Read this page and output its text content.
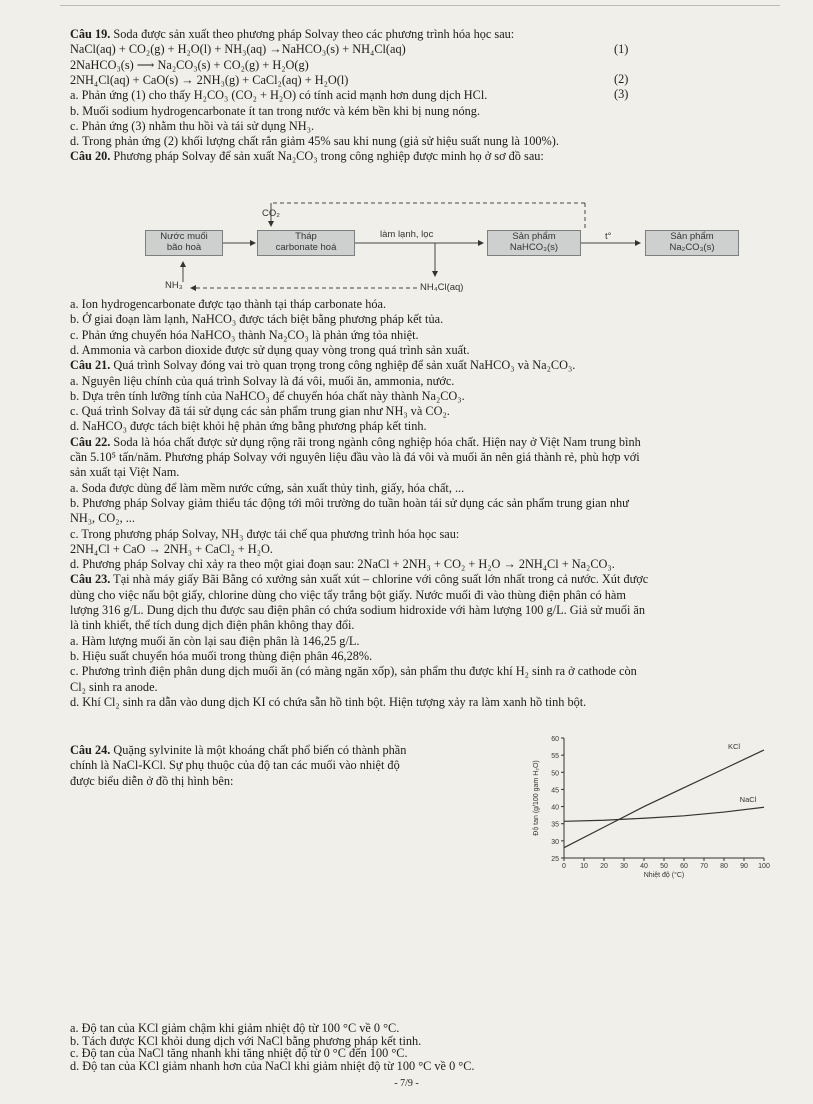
Câu 19. Soda được sản xuất theo phương pháp Solvay theo các phương trình hóa học sau:
NaCl(aq) + CO₂(g) + H₂O(l) + NH₃(aq) →NaHCO₃(s) + NH₄Cl(aq)
2NaHCO₃(s) ⟶ Na₂CO₃(s) + CO₂(g) + H₂O(g)
2NH₄Cl(aq) + CaO(s) → 2NH₃(g) + CaCl₂(aq) + H₂O(l)
a. Phản ứng (1) cho thấy H₂CO₃ (CO₂ + H₂O) có tính acid mạnh hơn dung dịch HCl.
b. Muối sodium hydrogencarbonate ít tan trong nước và kém bền khi bị nung nóng.
c. Phản ứng (3) nhằm thu hồi và tái sử dụng NH₃.
d. Trong phản ứng (2) khối lượng chất rắn giảm 45% sau khi nung (giả sử hiệu suất nung là 100%).
Câu 20. Phương pháp Solvay để sản xuất Na₂CO₃ trong công nghiệp được minh họ ở sơ đồ sau:
(1)
(2)
(3)
CO₂
Nước muối
bão hoà
Tháp
carbonate hoá
làm lạnh, lọc	Sản phẩm
NaHCO₃(s)
t°	Sản phẩm
Na₂CO₃(s)
NH₃	NH₄Cl(aq)
a. Ion hydrogencarbonate được tạo thành tại tháp carbonate hóa.
b. Ở giai đoạn làm lạnh, NaHCO₃ được tách biệt bằng phương pháp kết tủa.
c. Phản ứng chuyển hóa NaHCO₃ thành Na₂CO₃ là phản ứng tỏa nhiệt.
d. Ammonia và carbon dioxide được sử dụng quay vòng trong quá trình sản xuất.
Câu 21. Quá trình Solvay đóng vai trò quan trọng trong công nghiệp để sản xuất NaHCO₃ và Na₂CO₃.
a. Nguyên liệu chính của quá trình Solvay là đá vôi, muối ăn, ammonia, nước.
b. Dựa trên tính lưỡng tính của NaHCO₃ để chuyển hóa chất này thành Na₂CO₃.
c. Quá trình Solvay đã tái sử dụng các sản phẩm trung gian như NH₃ và CO₂.
d. NaHCO₃ được tách biệt khỏi hệ phản ứng bằng phương pháp kết tinh.
Câu 22. Soda là hóa chất được sử dụng rộng rãi trong ngành công nghiệp hóa chất. Hiện nay ở Việt Nam trung bình
cần 5.10⁵ tấn/năm. Phương pháp Solvay với nguyên liệu đầu vào là đá vôi và muối ăn nên giá thành rẻ, phù hợp với
sản xuất tại Việt Nam.
a. Soda được dùng để làm mềm nước cứng, sản xuất thủy tinh, giấy, hóa chất, ...
b. Phương pháp Solvay giảm thiểu tác động tới môi trường do tuần hoàn tái sử dụng các sản phẩm trung gian như
NH₃, CO₂, ...
c. Trong phương pháp Solvay, NH₃ được tái chế qua phương trình hóa học sau:
2NH₄Cl + CaO → 2NH₃ + CaCl₂ + H₂O.
d. Phương pháp Solvay chỉ xảy ra theo một giai đoạn sau: 2NaCl + 2NH₃ + CO₂ + H₂O → 2NH₄Cl + Na₂CO₃.
Câu 23. Tại nhà máy giấy Bãi Bằng có xưởng sản xuất xút – chlorine với công suất lớn nhất trong cả nước. Xút được
dùng cho việc nấu bột giấy, chlorine dùng cho việc tẩy trắng bột giấy. Nước muối đi vào thùng điện phân có hàm
lượng 316 g/L. Dung dịch thu được sau điện phân có chứa sodium hidroxide với hàm lượng 100 g/L. Giả sử muối ăn
là tinh khiết, thể tích dung dịch điện phân không thay đổi.
a. Hàm lượng muối ăn còn lại sau điện phân là 146,25 g/L.
b. Hiệu suất chuyển hóa muối trong thùng điện phân 46,28%.
c. Phương trình điện phân dung dịch muối ăn (có màng ngăn xốp), sản phẩm thu được khí H₂ sinh ra ở cathode còn
Cl₂ sinh ra anode.
d. Khí Cl₂ sinh ra dẫn vào dung dịch KI có chứa sẵn hồ tinh bột. Hiện tượng xảy ra làm xanh hồ tinh bột.
Câu 24. Quặng sylvinite là một khoáng chất phổ biến có thành phần
chính là NaCl-KCl. Sự phụ thuộc của độ tan các muối vào nhiệt độ
được biểu diễn ở đồ thị hình bên:
25
30
35
40
45
50
55
60
0 10 20 30 40 50 60 70 80 90 100
Nhiệt độ (°C)
Độ tan (g/100 gam H₂O)
KCl
NaCl
a. Độ tan của KCl giảm chậm khi giảm nhiệt độ từ 100 °C về 0 °C.
b. Tách được KCl khỏi dung dịch với NaCl bằng phương pháp kết tinh.
c. Độ tan của NaCl tăng nhanh khi tăng nhiệt độ từ 0 °C đến 100 °C.
d. Độ tan của KCl giảm nhanh hơn của NaCl khi giảm nhiệt độ từ 100 °C về 0 °C.
- 7/9 -
